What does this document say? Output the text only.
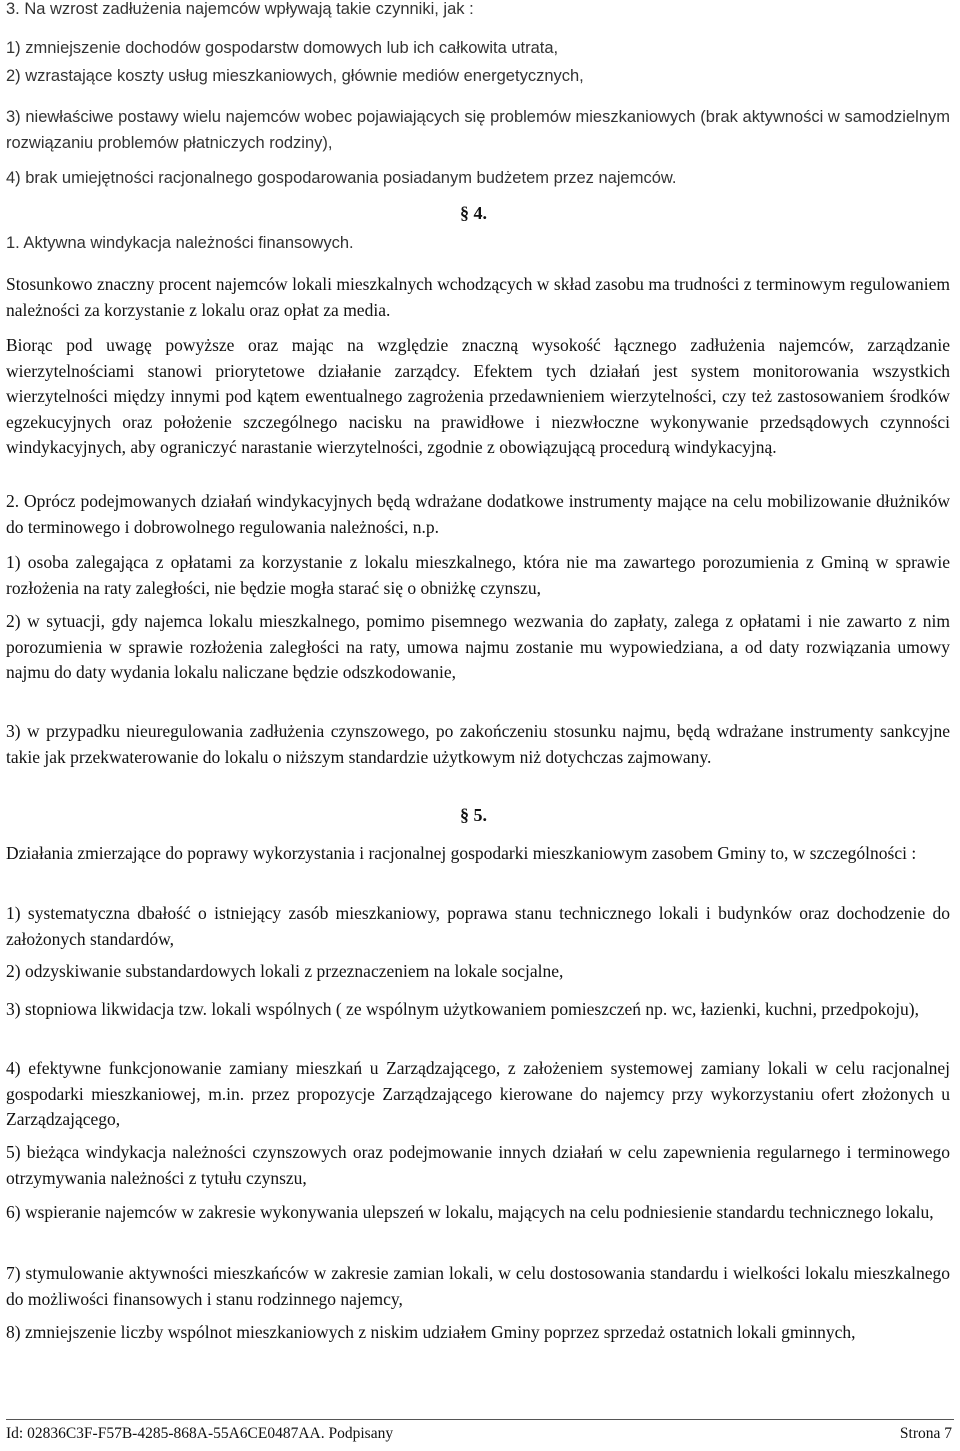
3. Na wzrost zadłużenia najemców wpływają takie czynniki, jak :
1) zmniejszenie dochodów gospodarstw domowych lub ich całkowita utrata,
2) wzrastające koszty usług mieszkaniowych, głównie mediów energetycznych,

3) niewłaściwe postawy wielu najemców wobec pojawiających się problemów mieszkaniowych (brak aktywności w samodzielnym rozwiązaniu problemów płatniczych rodziny),

4) brak umiejętności racjonalnego gospodarowania posiadanym budżetem przez najemców.
§ 4.
1. Aktywna windykacja należności finansowych.

Stosunkowo znaczny procent najemców lokali mieszkalnych wchodzących w skład zasobu ma trudności z terminowym regulowaniem należności za korzystanie z lokalu oraz opłat za media.

Biorąc pod uwagę powyższe oraz mając na względzie znaczną wysokość łącznego zadłużenia najemców, zarządzanie wierzytelnościami stanowi priorytetowe działanie zarządcy. Efektem tych działań jest system monitorowania wszystkich wierzytelności między innymi pod kątem ewentualnego zagrożenia przedawnieniem wierzytelności, czy też zastosowaniem środków egzekucyjnych oraz położenie szczególnego nacisku na prawidłowe i niezwłoczne wykonywanie przedsądowych czynności windykacyjnych, aby ograniczyć narastanie wierzytelności, zgodnie z obowiązującą procedurą windykacyjną.

2. Oprócz podejmowanych działań windykacyjnych będą wdrażane dodatkowe instrumenty mające na celu mobilizowanie dłużników do terminowego i dobrowolnego regulowania należności, n.p.

1) osoba zalegająca z opłatami za korzystanie z lokalu mieszkalnego, która nie ma zawartego porozumienia z Gminą w sprawie rozłożenia na raty zaległości, nie będzie mogła starać się o obniżkę czynszu,

2) w sytuacji, gdy najemca lokalu mieszkalnego, pomimo pisemnego wezwania do zapłaty, zalega z opłatami i nie zawarto z nim porozumienia w sprawie rozłożenia zaległości na raty, umowa najmu zostanie mu wypowiedziana, a od daty rozwiązania umowy najmu do daty wydania lokalu naliczane będzie odszkodowanie,

3) w przypadku nieuregulowania zadłużenia czynszowego, po zakończeniu stosunku najmu, będą wdrażane instrumenty sankcyjne takie jak przekwaterowanie do lokalu o niższym standardzie użytkowym niż dotychczas zajmowany.

§ 5.

Działania zmierzające do poprawy wykorzystania i racjonalnej gospodarki mieszkaniowym zasobem Gminy to, w szczególności :

1) systematyczna dbałość o istniejący zasób mieszkaniowy, poprawa stanu technicznego lokali i budynków oraz dochodzenie do założonych standardów,

2) odzyskiwanie substandardowych lokali z przeznaczeniem na lokale socjalne,

3) stopniowa likwidacja tzw. lokali wspólnych ( ze wspólnym użytkowaniem pomieszczeń np. wc, łazienki, kuchni, przedpokoju),

4) efektywne funkcjonowanie zamiany mieszkań u Zarządzającego, z założeniem systemowej zamiany lokali w celu racjonalnej gospodarki mieszkaniowej, m.in. przez propozycje Zarządzającego kierowane do najemcy przy wykorzystaniu ofert złożonych u Zarządzającego,

5) bieżąca windykacja należności czynszowych oraz podejmowanie innych działań w celu zapewnienia regularnego i terminowego otrzymywania należności z tytułu czynszu,

6) wspieranie najemców w zakresie wykonywania ulepszeń w lokalu, mających na celu podniesienie standardu technicznego lokalu,

7) stymulowanie aktywności mieszkańców w zakresie zamian lokali, w celu dostosowania standardu i wielkości lokalu mieszkalnego do możliwości finansowych i stanu rodzinnego najemcy,

8) zmniejszenie liczby wspólnot mieszkaniowych z niskim udziałem Gminy poprzez sprzedaż ostatnich lokali gminnych,

Id: 02836C3F-F57B-4285-868A-55A6CE0487AA. Podpisany	Strona 7
